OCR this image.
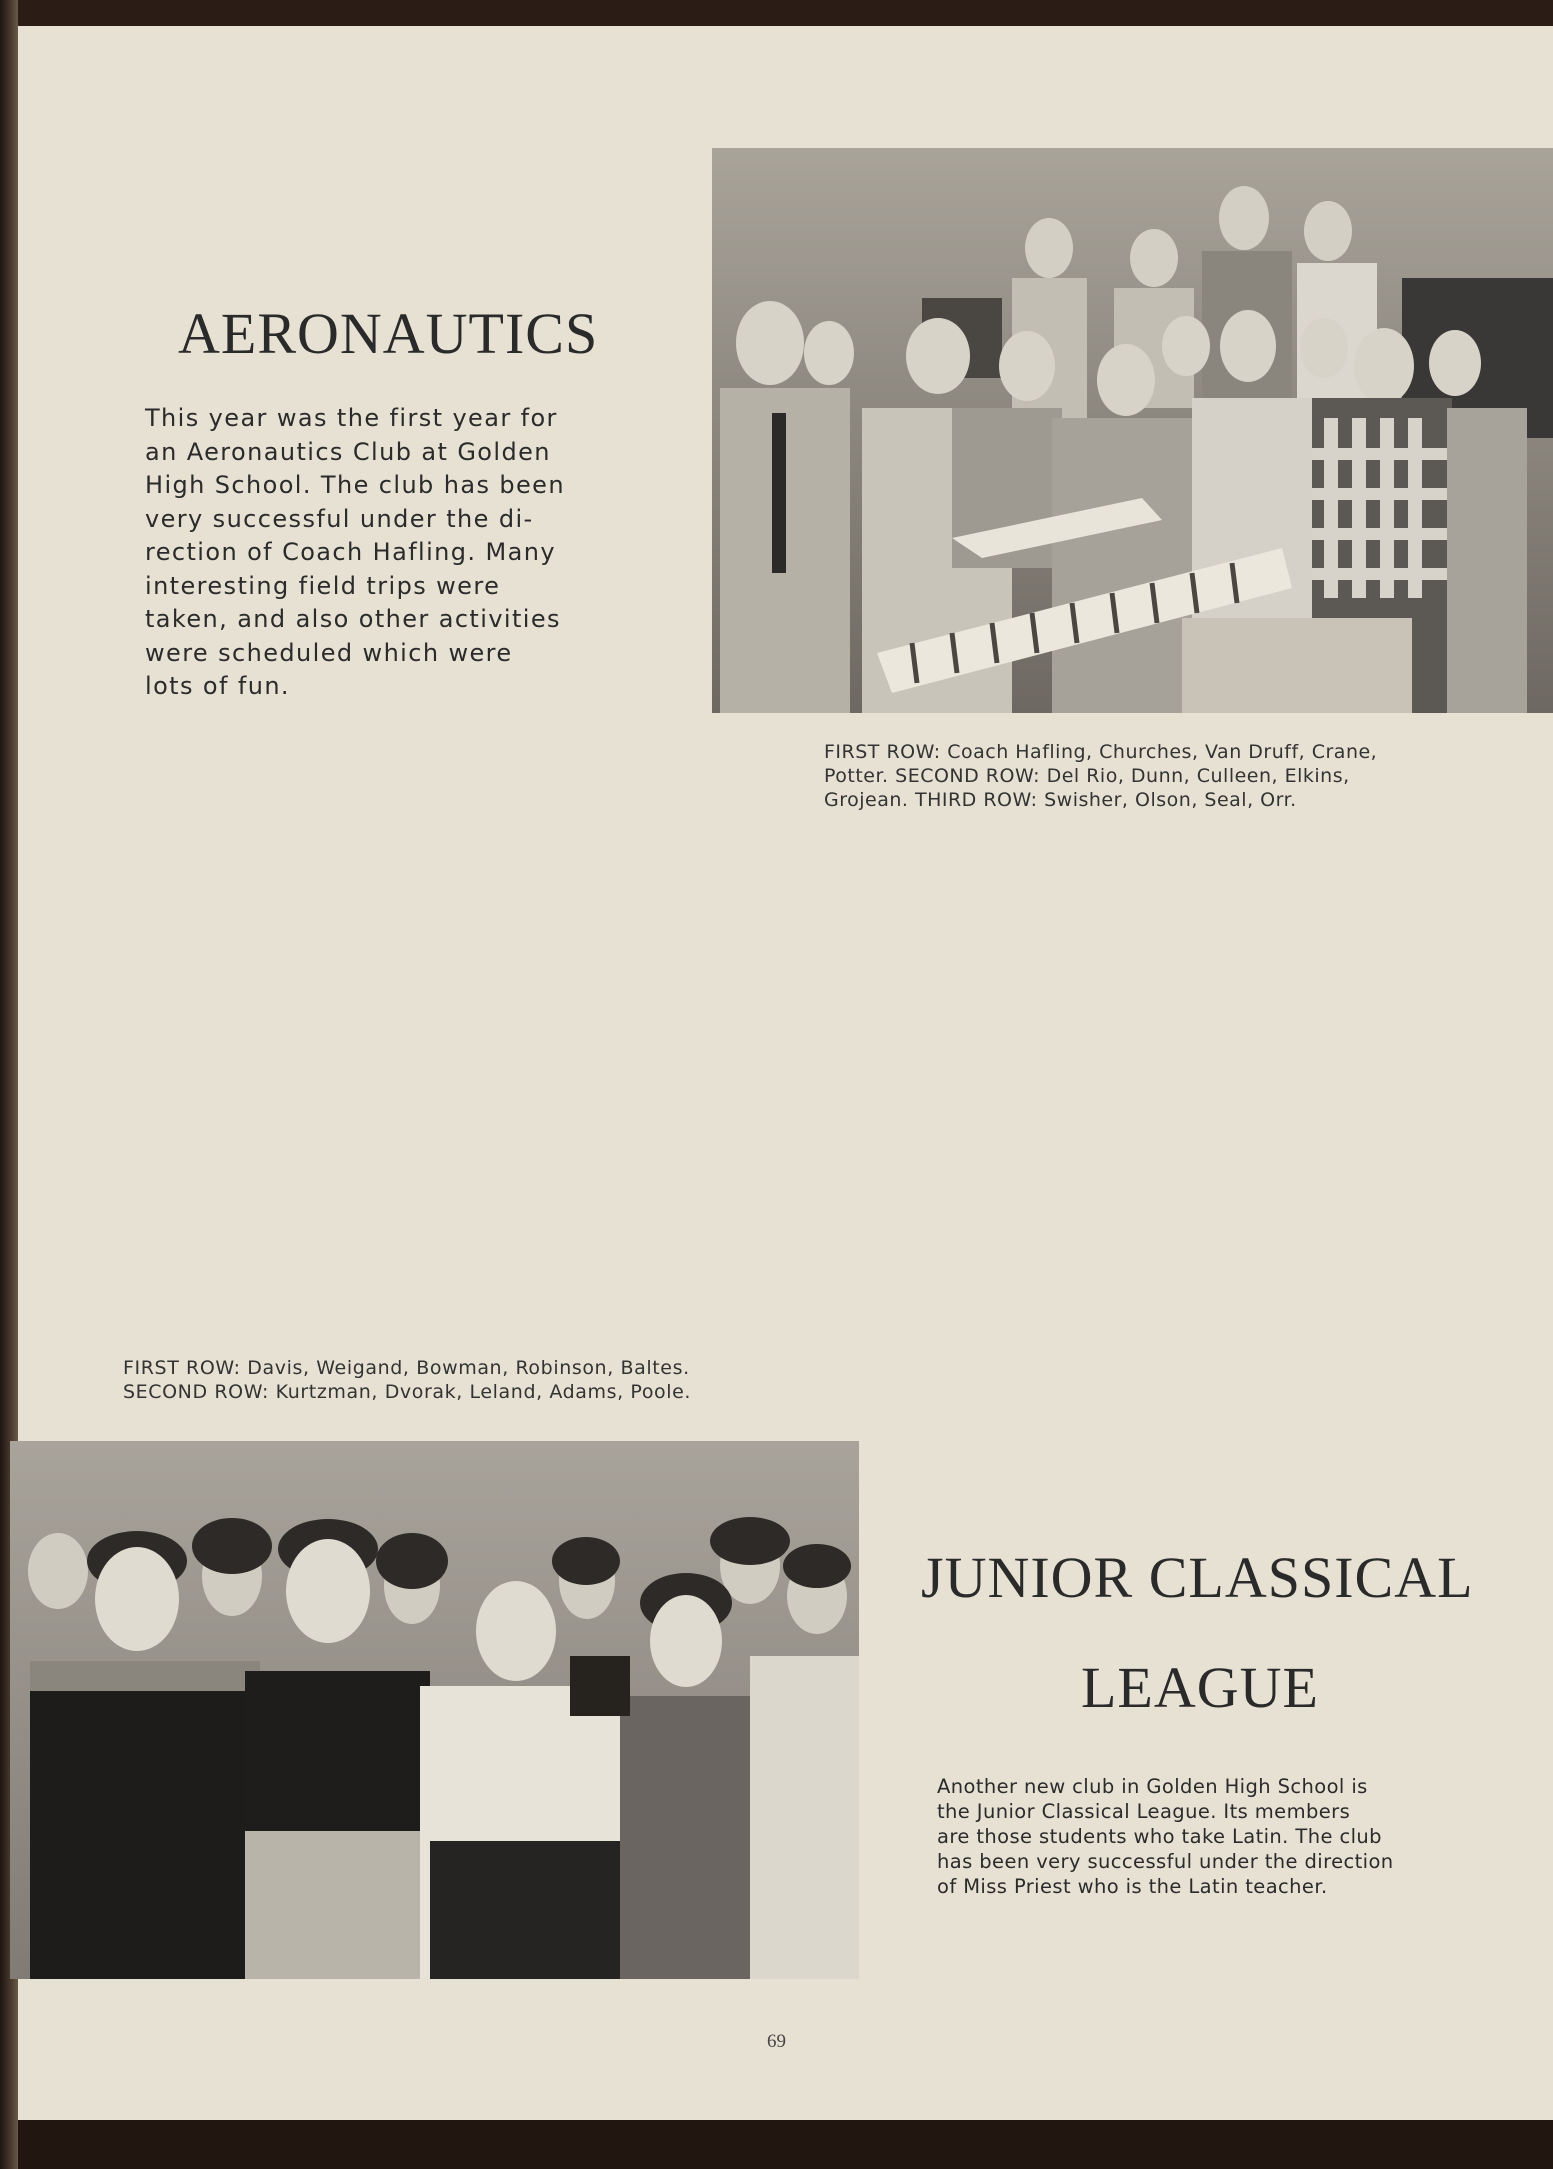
AERONAUTICS
This year was the first year for
an Aeronautics Club at Golden
High School. The club has been
very successful under the di-
rection of Coach Hafling. Many
interesting field trips were
taken, and also other activities
were scheduled which were
lots of fun.
FIRST ROW: Coach Hafling, Churches, Van Druff, Crane,
Potter. SECOND ROW: Del Rio, Dunn, Culleen, Elkins,
Grojean. THIRD ROW: Swisher, Olson, Seal, Orr.
FIRST ROW: Davis, Weigand, Bowman, Robinson, Baltes.
SECOND ROW: Kurtzman, Dvorak, Leland, Adams, Poole.
JUNIOR CLASSICAL
LEAGUE
Another new club in Golden High School is
the Junior Classical League. Its members
are those students who take Latin. The club
has been very successful under the direction
of Miss Priest who is the Latin teacher.
69
